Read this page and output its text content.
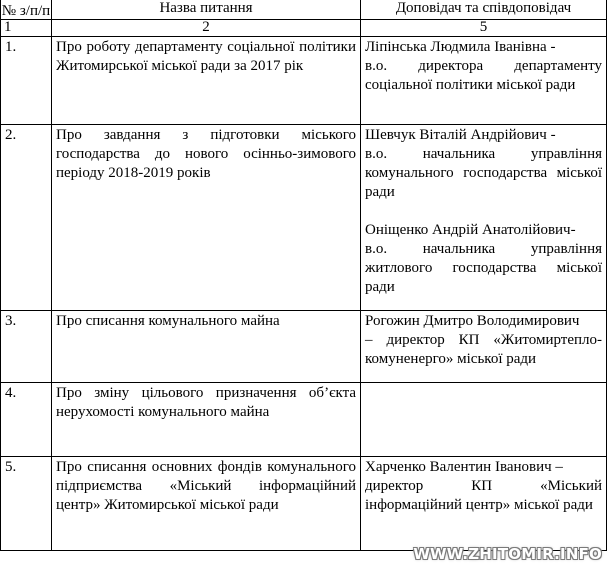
№ з/п/п	Назва питання	Доповідач та співдоповідач
1	2	5
1.	Про роботу департаменту соціальної політики Житомирської міської ради за 2017 рік	Ліпінська Людмила Іванівна -
в.о. директора департаменту соціальної політики міської ради

2.	Про завдання з підготовки міського господарства до нового осінньо-зимового періоду 2018-2019 років	Шевчук Віталій Андрійович -
в.о. начальника управління комунального господарства міської ради
Оніщенко Андрій Анатолійович-
в.о. начальника управління житлового господарства міської ради

3.	Про списання комунального майна	Рогожин Дмитро Володимирович
– директор КП «Житомиртепло-комуненерго» міської ради

4.	Про зміну цільового призначення об’єкта нерухомості комунального майна	
5.	Про списання основних фондів комунального підприємства «Міський інформаційний центр» Житомирської міської ради	Харченко Валентин Іванович –
директор КП «Міський інформаційний центр» міської ради
WWW.ZHITOMIR.INFO
